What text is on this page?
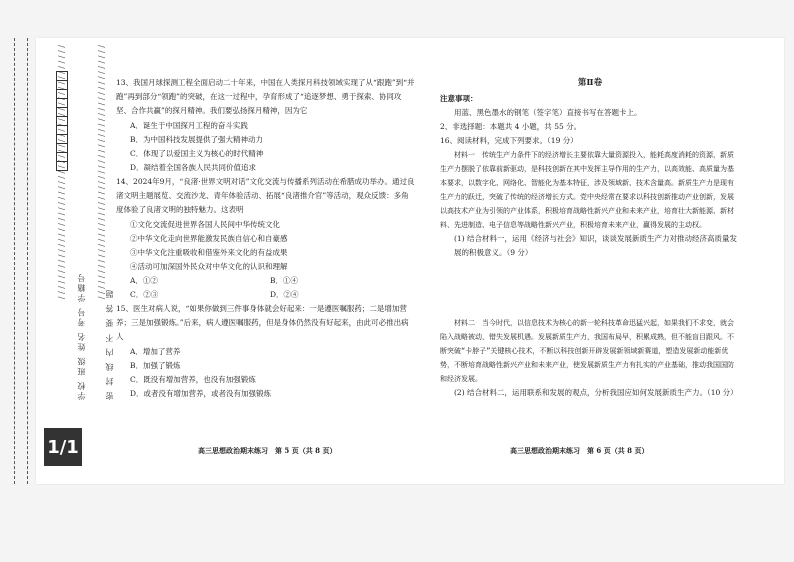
/ / / / / / / / / / / / / / / / / / / / / / / / / / / / / / / / / / / / / / / / / / / / / / / / /	/ / / / / / / / / / / / / / / / / / / / / / / / / / / / / / / / / / / / / / / / / / / / / / / / /
学校 班级 姓名 考号 学籍号	密 封 线 内 不 要 答 题
1/1
13、我国月球探测工程全面启动二十年来，中国在人类探月科技领域实现了从“跟跑”到“并跑”再到部分“领跑”的突破，在这一过程中，孕育形成了“追逐梦想、勇于探索、协同攻坚、合作共赢”的探月精神。我们要弘扬探月精神，因为它
A．诞生于中国探月工程的奋斗实践
B．为中国科技发展提供了强大精神动力
C．体现了以爱国主义为核心的时代精神
D．凝结着全国各族人民共同价值追求
14、2024年9月，“良渚·世界文明对话”文化交流与传播系列活动在希腊成功举办。通过良渚文明主题展览、交流沙龙、青年体验活动、拓展“良渚推介官”等活动，观众反馈：多角度体验了良渚文明的独特魅力。这表明
①文化交流促进世界各国人民间中华传统文化
②中华文化走向世界能激发民族自信心和自豪感
③中华文化注重吸收和借鉴外来文化的有益成果
④活动可加深国外民众对中华文化的认识和理解
A．①②	B．①④
C．②③	D．②④
15、医生对病人说，“如果你做到三件事身体就会好起来：一是遵医嘱服药；二是增加营养；三是加强锻炼。”后来，病人遵医嘱服药，但是身体仍然没有好起来，由此可必推出病人
A．增加了营养
B．加强了锻炼
C．既没有增加营养，也没有加强锻炼
D．或者没有增加营养，或者没有加强锻炼
第Ⅱ卷
注意事项：
用蓝、黑色墨水的钢笔（签字笔）直接书写在答题卡上。
2、非选择题：本题共 4 小题，共 55 分。
16、阅读材料，完成下列要求。（19 分）
材料一　传统生产力条件下的经济增长主要依靠大量资源投入，能耗高度消耗的资源，新质生产力摆脱了依靠前新驱动，是科技创新在其中发挥主导作用的生产力，以高效能、高质量为基本要求，以数字化、网络化、智能化为基本特征，涉及领域新、技术含量高。新质生产力是现有生产力的跃迁，突破了传统的经济增长方式。党中央经常在要求以科技创新推动产业创新，发展以高技术产业为引领的产业体系，积极培育战略性新兴产业和未来产业，培育壮大新能源、新材料、先进制造、电子信息等战略性新兴产业，积极培育未来产业，赢得发展的主动权。
(1) 结合材料一，运用《经济与社会》知识，谈谈发展新质生产力对推动经济高质量发展的积极意义。（9 分）
材料二　当今时代，以信息技术为核心的新一轮科技革命迅猛兴起，如果我们不求变，就会陷入战略被动，错失发展机遇。发展新质生产力，我国布局早，积累成熟，但不能盲目跟风。不断突破“卡脖子”关键核心技术，不断以科技创新开辟发展新领域新赛道，塑造发展新动能新优势，不断培育战略性新兴产业和未来产业，使发展新质生产力有扎实的产业基础，推动我国国防和经济发展。
(2) 结合材料二，运用联系和发展的观点，分析我国应如何发展新质生产力。（10 分）
高三思想政治期末练习　第 5 页（共 8 页）	高三思想政治期末练习　第 6 页（共 8 页）
